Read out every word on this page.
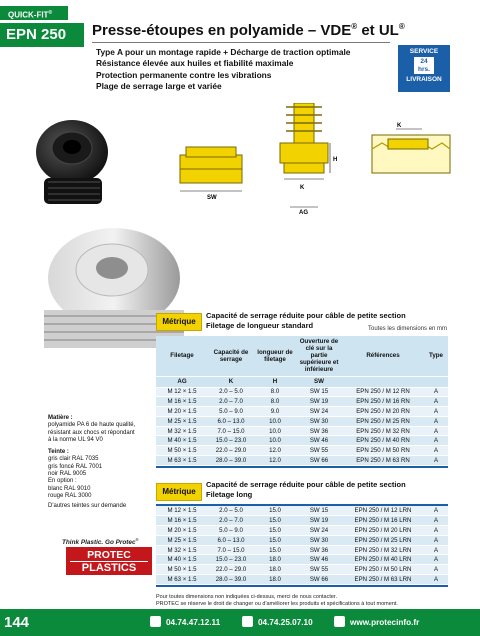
QUICK-FIT®
EPN 250	Presse-étoupes en polyamide – VDE® et UL®
Type A pour un montage rapide + Décharge de traction optimale
Résistance élevée aux huiles et fiabilité maximale
Protection permanente contre les vibrations
Plage de serrage large et variée
SERVICE
24
hrs.
LIVRAISON
SW
K
AG
H
K
Métrique
Capacité de serrage réduite pour câble de petite section
Filetage de longueur standard	Toutes les dimensions en mm
Filetage	Capacité de serrage	longueur de filetage	Ouverture de clé sur la partie supérieure et inférieure	Références	Type
AG	K	H	SW		
M 12 × 1.5	2.0 – 5.0	8.0	SW 15	EPN 250 / M 12 RN	A
M 16 × 1.5	2.0 – 7.0	8.0	SW 19	EPN 250 / M 16 RN	A
M 20 × 1.5	5.0 – 9.0	9.0	SW 24	EPN 250 / M 20 RN	A
M 25 × 1.5	6.0 – 13.0	10.0	SW 30	EPN 250 / M 25 RN	A
M 32 × 1.5	7.0 – 15.0	10.0	SW 36	EPN 250 / M 32 RN	A
M 40 × 1.5	15.0 – 23.0	10.0	SW 46	EPN 250 / M 40 RN	A
M 50 × 1.5	22.0 – 29.0	12.0	SW 55	EPN 250 / M 50 RN	A
M 63 × 1.5	28.0 – 39.0	12.0	SW 66	EPN 250 / M 63 RN	A
Métrique
Capacité de serrage réduite pour câble de petite section
Filetage long
M 12 × 1.5	2.0 – 5.0	15.0	SW 15	EPN 250 / M 12 LRN	A
M 16 × 1.5	2.0 – 7.0	15.0	SW 19	EPN 250 / M 16 LRN	A
M 20 × 1.5	5.0 – 9.0	15.0	SW 24	EPN 250 / M 20 LRN	A
M 25 × 1.5	6.0 – 13.0	15.0	SW 30	EPN 250 / M 25 LRN	A
M 32 × 1.5	7.0 – 15.0	15.0	SW 36	EPN 250 / M 32 LRN	A
M 40 × 1.5	15.0 – 23.0	18.0	SW 46	EPN 250 / M 40 LRN	A
M 50 × 1.5	22.0 – 29.0	18.0	SW 55	EPN 250 / M 50 LRN	A
M 63 × 1.5	28.0 – 39.0	18.0	SW 66	EPN 250 / M 63 LRN	A
Matière :
polyamide PA 6 de haute qualité,
résistant aux chocs et répondant
à la norme UL 94 V0
Teinte :
gris clair RAL 7035
gris foncé RAL 7001
noir RAL 9005
En option :
blanc RAL 9010
rouge RAL 3000
D'autres teintes sur demande
Think Plastic. Go Protec®
PROTEC
PLASTICS
Pour toutes dimensions non indiquées ci-dessus, merci de nous contacter.
PROTEC se réserve le droit de changer ou d'améliorer les produits et spécifications à tout moment.
144	04.74.47.12.11	04.74.25.07.10	www.protecinfo.fr
